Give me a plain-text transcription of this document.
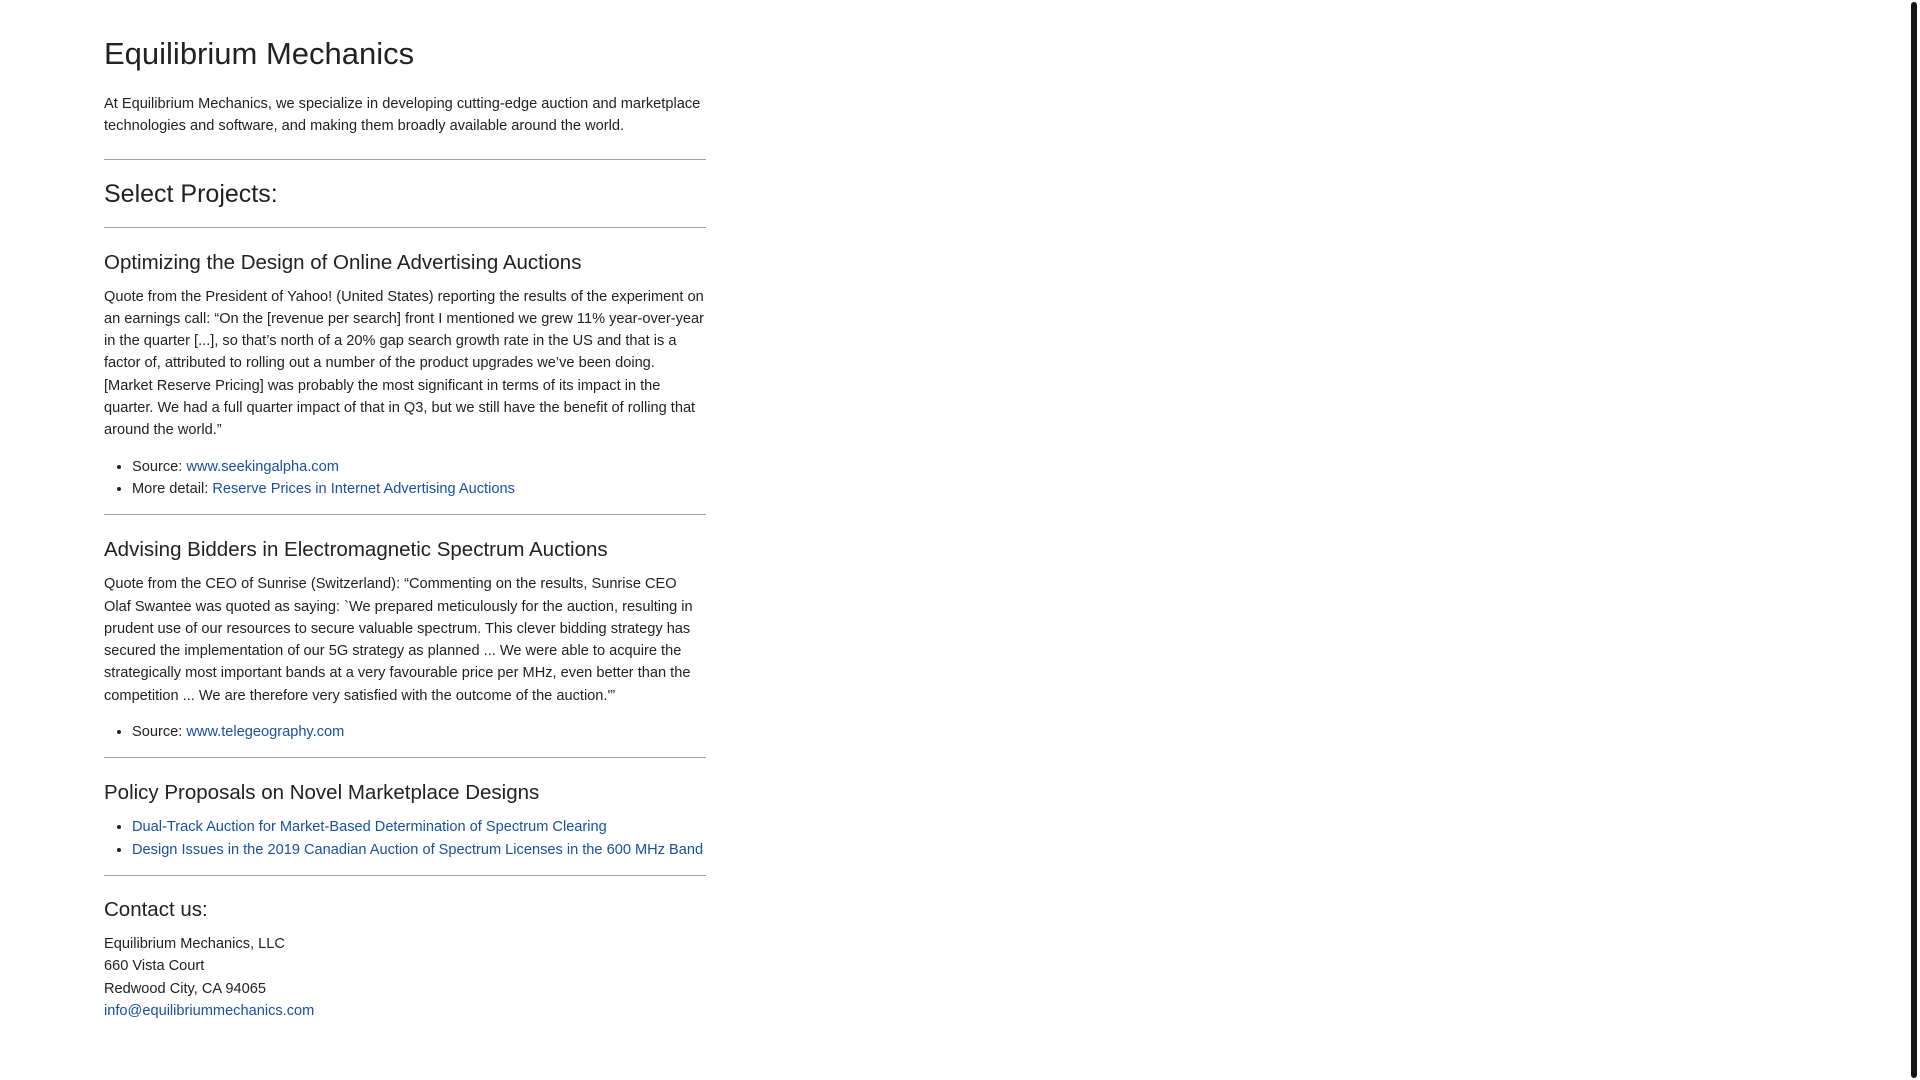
Equilibrium Mechanics

At Equilibrium Mechanics, we specialize in developing cutting-edge auction and marketplace technologies and software, and making them broadly available around the world.

Select Projects:
Optimizing the Design of Online Advertising Auctions

Quote from the President of Yahoo! (United States) reporting the results of the experiment on an earnings call: “On the [revenue per search] front I mentioned we grew 11% year-over-year in the quarter [...], so that’s north of a 20% gap search growth rate in the US and that is a factor of, attributed to rolling out a number of the product upgrades we’ve been doing. [Market Reserve Pricing] was probably the most significant in terms of its impact in the quarter. We had a full quarter impact of that in Q3, but we still have the benefit of rolling that around the world.”

• Source: www.seekingalpha.com
• More detail: Reserve Prices in Internet Advertising Auctions
Advising Bidders in Electromagnetic Spectrum Auctions

Quote from the CEO of Sunrise (Switzerland): “Commenting on the results, Sunrise CEO Olaf Swantee was quoted as saying: `We prepared meticulously for the auction, resulting in prudent use of our resources to secure valuable spectrum. This clever bidding strategy has secured the implementation of our 5G strategy as planned ... We were able to acquire the strategically most important bands at a very favourable price per MHz, even better than the competition ... We are therefore very satisfied with the outcome of the auction.'”

• Source: www.telegeography.com
Policy Proposals on Novel Marketplace Designs
• Dual-Track Auction for Market-Based Determination of Spectrum Clearing
• Design Issues in the 2019 Canadian Auction of Spectrum Licenses in the 600 MHz Band
Contact us:
Equilibrium Mechanics, LLC
660 Vista Court
Redwood City, CA 94065
info@equilibriummechanics.com
